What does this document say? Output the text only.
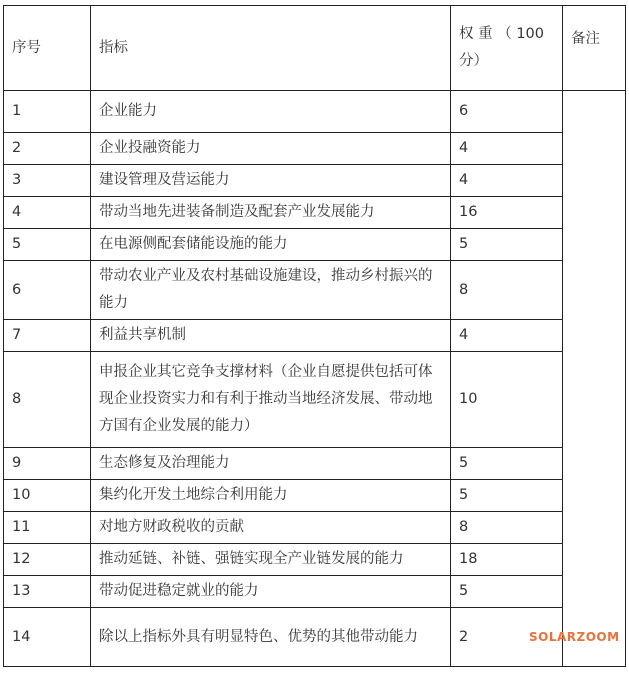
序号	指标	权 重 （ 100 分）	备注
1	企业能力	6	
2	企业投融资能力	4	
3	建设管理及营运能力	4	
4	带动当地先进装备制造及配套产业发展能力	16	
5	在电源侧配套储能设施的能力	5	
6	带动农业产业及农村基础设施建设，推动乡村振兴的能力	8	
7	利益共享机制	4	
8	申报企业其它竞争支撑材料（企业自愿提供包括可体现企业投资实力和有利于推动当地经济发展、带动地方国有企业发展的能力）	10	
9	生态修复及治理能力	5	
10	集约化开发土地综合利用能力	5	
11	对地方财政税收的贡献	8	
12	推动延链、补链、强链实现全产业链发展的能力	18	
13	带动促进稳定就业的能力	5	
14	除以上指标外具有明显特色、优势的其他带动能力	2		SOLARZOOM
